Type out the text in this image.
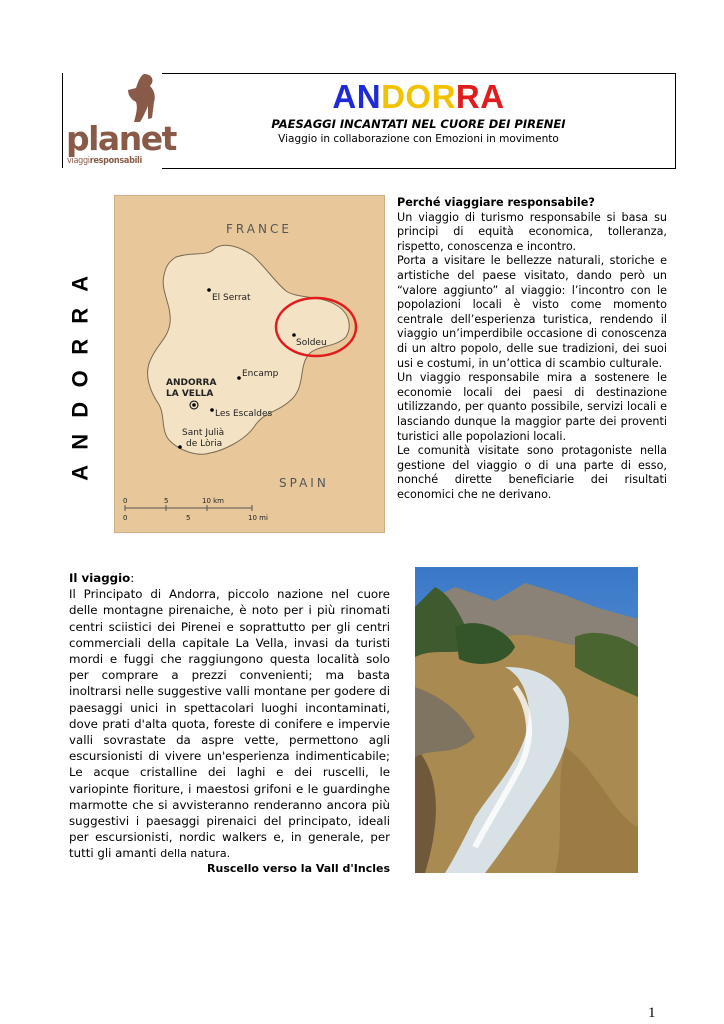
planet
viaggiresponsabili
ANDORRA
PAESAGGI INCANTATI NEL CUORE DEI PIRENEI
Viaggio in collaborazione con Emozioni in movimento
A
R
R
O
D
N
A
FRANCE
SPAIN
El Serrat
Soldeu
Encamp
ANDORRA
LA VELLA
Les Escaldes
Sant Julià
de Lòria
0	5	10 km
0	5	10 mi

Perché viaggiare responsabile?

Un viaggio di turismo responsabile si basa su principi di equità economica, tolleranza, rispetto, conoscenza e incontro.

Porta a visitare le bellezze naturali, storiche e artistiche del paese visitato, dando però un “valore aggiunto” al viaggio: l’incontro con le popolazioni locali è visto come momento centrale dell’esperienza turistica, rendendo il viaggio un’imperdibile occasione di conoscenza di un altro popolo, delle sue tradizioni, dei suoi usi e costumi, in un’ottica di scambio culturale.

Un viaggio responsabile mira a sostenere le economie locali dei paesi di destinazione utilizzando, per quanto possibile, servizi locali e lasciando dunque la maggior parte dei proventi turistici alle popolazioni locali.

Le comunità visitate sono protagoniste nella gestione del viaggio o di una parte di esso, nonché dirette beneficiarie dei risultati economici che ne derivano.

Il viaggio:

Il Principato di Andorra, piccolo nazione nel cuore delle montagne pirenaiche, è noto per i più rinomati centri sciistici dei Pirenei e soprattutto per gli centri commerciali della capitale La Vella, invasi da turisti mordi e fuggi che raggiungono questa località solo per comprare a prezzi convenienti; ma basta inoltrarsi nelle suggestive valli montane per godere di paesaggi unici in spettacolari luoghi incontaminati, dove prati d'alta quota, foreste di conifere e impervie valli sovrastate da aspre vette, permettono agli escursionisti di vivere un'esperienza indimenticabile; Le acque cristalline dei laghi e dei ruscelli, le variopinte fioriture, i maestosi grifoni e le guardinghe marmotte che si avvisteranno renderanno ancora più suggestivi i paesaggi pirenaici del principato, ideali per escursionisti, nordic walkers e, in generale, per tutti gli amanti della natura.

Ruscello verso la Vall d'Incles
1
